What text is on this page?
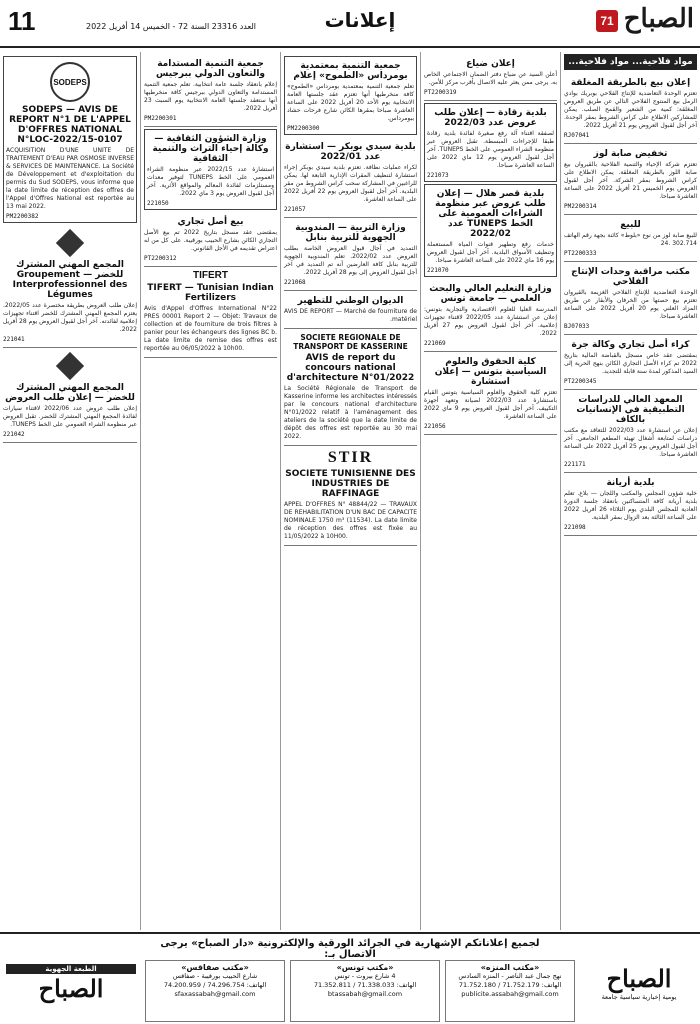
11	العدد 23316 السنة 72 - الخميس 14 أفريل 2022	إعلانات	71 الصباح
مواد فلاحية... مواد فلاحية...
إعلان بيع بالطريقة المغلقة

تعتزم الوحدة التعاضدية للإنتاج الفلاحي بوبريك بوادي الرمل بيع المنتوج الفلاحي التالي عن طريق العروض المغلقة: كمية من الشعير والقمح الصلب. يمكن للمشاركين الاطلاع على كراس الشروط بمقر الوحدة. آخر أجل لقبول العروض يوم 21 أفريل 2022.

RJ07041
تخفيض صابة لوز

تعتزم شركة الإحياء والتنمية الفلاحية بالقيروان بيع صابة اللوز بالطريقة المغلقة. يمكن الاطلاع على كراس الشروط بمقر الشركة. آخر أجل لقبول العروض يوم الخميس 21 أفريل 2022 على الساعة العاشرة صباحا.

PM2200314
للبيع

للبيع صابة لوز من نوع «بلوط» كائنة بجهة رقم الهاتف 302.714 .24

PT2200333
مكتب مراقبة وحدات الإنتاج الفلاحي

الوحدة التعاضدية للإنتاج الفلاحي الغزيمة بالقيروان تعتزم بيع حصتها من الخرفان والأبقار عن طريق المزاد العلني يوم 20 أفريل 2022 على الساعة العاشرة صباحا.

BJ07033
كراء أصل تجاري وكالة جرة

بمقتضى عقد خاص مسجل بالقباضة المالية بتاريخ 2022 تم كراء الأصل التجاري الكائن بنهج الحرية إلى السيد المذكور لمدة سنة قابلة للتجديد.

PT2200345
المعهد العالي للدراسات التطبيقية في الإنسانيات بالكاف

إعلان عن استشارة عدد 2022/03 للتعاقد مع مكتب دراسات لمتابعة أشغال تهيئة المطعم الجامعي. آخر أجل لقبول العروض يوم 25 أفريل 2022 على الساعة العاشرة صباحا.

221171
بلدية أريانة

خلية شؤون المجلس والمكتب واللجان — بلاغ. تعلم بلدية أريانة كافة المتساكنين بانعقاد جلسة الدورة العادية للمجلس البلدي يوم الثلاثاء 26 أفريل 2022 على الساعة الثالثة بعد الزوال بمقر البلدية.

221098
إعلان ضياع

أعلن السيد عن ضياع دفتر الضمان الاجتماعي الخاص به. يرجى ممن يعثر عليه الاتصال بأقرب مركز للأمن.

PT2200319
بلدية رقادة — إعلان طلب عروض عدد 2022/03

لصفقة اقتناء آلة رفع صغيرة لفائدة بلدية رقادة طبقا للإجراءات المبسطة. تقبل العروض عبر منظومة الشراء العمومي على الخط TUNEPS. آخر أجل لقبول العروض يوم 12 ماي 2022 على الساعة العاشرة صباحا.

221073
بلدية قصر هلال — إعلان طلب عروض عبر منظومة الشراءات العمومية على الخط TUNEPS عدد 2022/02

خدمات رفع وتطهير قنوات المياه المستعملة وتنظيف الأسواق البلدية. آخر أجل لقبول العروض يوم 16 ماي 2022 على الساعة العاشرة صباحا.

221070
وزارة التعليم العالي والبحث العلمي — جامعة تونس

المدرسة العليا للعلوم الاقتصادية والتجارية بتونس: إعلان عن استشارة عدد 2022/05 لاقتناء تجهيزات إعلامية. آخر أجل لقبول العروض يوم 27 أفريل 2022.

221069
كلية الحقوق والعلوم السياسية بتونس — إعلان استشارة

تعتزم كلية الحقوق والعلوم السياسية بتونس القيام باستشارة عدد 2022/03 لصيانة وتعهد أجهزة التكييف. آخر أجل لقبول العروض يوم 9 ماي 2022 على الساعة العاشرة.

221056
جمعية التنمية بمعتمدية بومرداس «الطموح» إعلام

تعلم جمعية التنمية بمعتمدية بومرداس «الطموح» كافة منخرطيها أنها تعتزم عقد جلستها العامة الانتخابية يوم الأحد 20 أفريل 2022 على الساعة العاشرة صباحا بمقرها الكائن شارع فرحات حشاد ببومرداس.

PM2200300
بلدية سيدي بوبكر — استشارة عدد 2022/01

لكراء عمليات نظافة. تعتزم بلدية سيدي بوبكر إجراء استشارة لتنظيف المقرات الإدارية التابعة لها. يمكن للراغبين في المشاركة سحب كراس الشروط من مقر البلدية. آخر أجل لقبول العروض يوم 22 أفريل 2022 على الساعة العاشرة.

221057
وزارة التربية — المندوبية الجهوية للتربية بنابل

التمديد في آجال قبول العروض الخاصة بطلب العروض عدد 2022/02. تعلم المندوبية الجهوية للتربية بنابل كافة العارضين أنه تم التمديد في آخر أجل لقبول العروض إلى يوم 28 أفريل 2022.

221068
الديوان الوطني للتطهير

AVIS DE REPORT — Marché de fourniture de matériel.

SOCIETE REGIONALE DE TRANSPORT DE KASSERINE
AVIS de report du concours national d'architecture N°01/2022

La Société Régionale de Transport de Kasserine informe les architectes intéressés par le concours national d'architecture N°01/2022 relatif à l'aménagement des ateliers de la société que la date limite de dépôt des offres est reportée au 30 mai 2022.

STIR
SOCIETE TUNISIENNE DES INDUSTRIES DE RAFFINAGE

APPEL D'OFFRES N° 48844/22 — TRAVAUX DE REHABILITATION D'UN BAC DE CAPACITE NOMINALE 1750 m³ (11534). La date limite de réception des offres est fixée au 11/05/2022 à 10H00.

جمعية التنمية المستدامة والتعاون الدولي ببرجيس

إعلام بانعقاد جلسة عامة انتخابية. تعلم جمعية التنمية المستدامة والتعاون الدولي ببرجيس كافة منخرطيها أنها ستعقد جلستها العامة الانتخابية يوم السبت 23 أفريل 2022.

PM2200301
وزارة الشؤون الثقافية — وكالة إحياء التراث والتنمية الثقافية

استشارة عدد 2022/15 عبر منظومة الشراء العمومي على الخط TUNEPS لتوفير معدات ومستلزمات لفائدة المعالم والمواقع الأثرية. آخر أجل لقبول العروض يوم 3 ماي 2022.

221050
بيع أصل تجاري

بمقتضى عقد مسجل بتاريخ 2022 تم بيع الأصل التجاري الكائن بشارع الحبيب بورقيبة. على كل من له اعتراض تقديمه في الأجل القانوني.

PT2200312
TIFERT
TIFERT — Tunisian Indian Fertilizers

Avis d'Appel d'Offres International N°22 PRES 00001 Report 2 — Objet: Travaux de collection et de fourniture de trois filtres à panier pour les échangeurs des lignes BC b. La date limite de remise des offres est reportée au 06/05/2022 à 10h00.

SODEPS
SODEPS — AVIS DE REPORT N°1 DE L'APPEL D'OFFRES NATIONAL N°LOC-2022/15-0107

ACQUISITION D'UNE UNITE DE TRAITEMENT D'EAU PAR OSMOSE INVERSE & SERVICES DE MAINTENANCE. La Société de Développement et d'exploitation du permis du Sud SODEPS, vous informe que la date limite de réception des offres de l'Appel d'Offres National est reportée au 13 mai 2022.

PM2200382
المجمع المهني المشترك للخضر — Groupement Interprofessionnel des Légumes

إعلان طلب العروض بطريقة مختصرة عدد 2022/05. يعتزم المجمع المهني المشترك للخضر اقتناء تجهيزات إعلامية لفائدته. آخر أجل لقبول العروض يوم 28 أفريل 2022.

221041
المجمع المهني المشترك للخضر — إعلان طلب العروض

إعلان طلب عروض عدد 2022/06 لاقتناء سيارات لفائدة المجمع المهني المشترك للخضر. تقبل العروض عبر منظومة الشراء العمومي على الخط TUNEPS.

221042
لجميع إعلاناتكم الإشهارية في الجرائد الورقية والإلكترونية «دار الصباح» يرجى الاتصال بـ:
الصباح
يومية إخبارية سياسية جامعة
«مكتب المنزه»

نهج جمال عبد الناصر - المنزه السادس

الهاتف: 71.752.179 / 71.752.180

publicite.assabah@gmail.com

«مكتب تونس»

4 شارع بيروت - تونس

الهاتف: 71.338.033 / 71.352.811

btassabah@gmail.com

«مكتب صفاقس»

شارع الحبيب بورقيبة - صفاقس

الهاتف: 74.296.754 / 74.200.959

sfaxassabah@gmail.com

الطبعة الجهوية
الصباح
